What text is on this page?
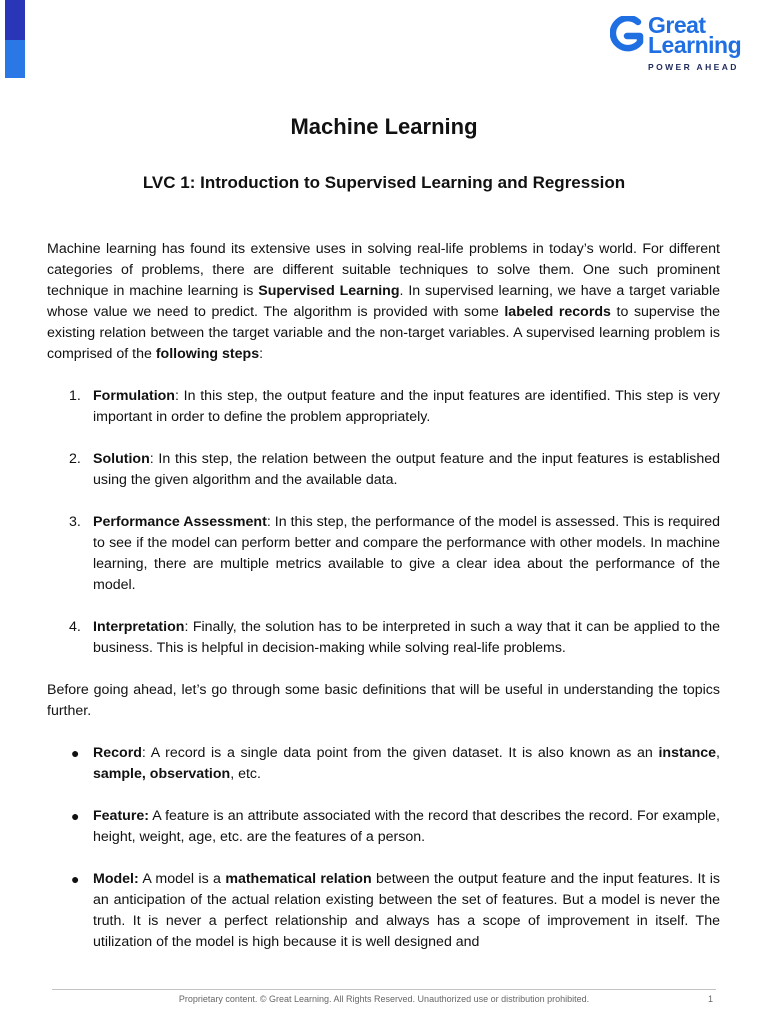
Great
Learning
POWER AHEAD
Machine Learning
LVC 1: Introduction to Supervised Learning and Regression

Machine learning has found its extensive uses in solving real-life problems in today’s world. For different categories of problems, there are different suitable techniques to solve them. One such prominent technique in machine learning is Supervised Learning. In supervised learning, we have a target variable whose value we need to predict. The algorithm is provided with some labeled records to supervise the existing relation between the target variable and the non-target variables. A supervised learning problem is comprised of the following steps:

1. Formulation: In this step, the output feature and the input features are identified. This step is very important in order to define the problem appropriately.
2. Solution: In this step, the relation between the output feature and the input features is established using the given algorithm and the available data.
3. Performance Assessment: In this step, the performance of the model is assessed. This is required to see if the model can perform better and compare the performance with other models. In machine learning, there are multiple metrics available to give a clear idea about the performance of the model.
4. Interpretation: Finally, the solution has to be interpreted in such a way that it can be applied to the business. This is helpful in decision-making while solving real-life problems.

Before going ahead, let’s go through some basic definitions that will be useful in understanding the topics further.

● Record: A record is a single data point from the given dataset. It is also known as an instance, sample, observation, etc.
● Feature: A feature is an attribute associated with the record that describes the record. For example, height, weight, age, etc. are the features of a person.
● Model: A model is a mathematical relation between the output feature and the input features. It is an anticipation of the actual relation existing between the set of features. But a model is never the truth. It is never a perfect relationship and always has a scope of improvement in itself. The utilization of the model is high because it is well designed and
Proprietary content. © Great Learning. All Rights Reserved. Unauthorized use or distribution prohibited.	1
